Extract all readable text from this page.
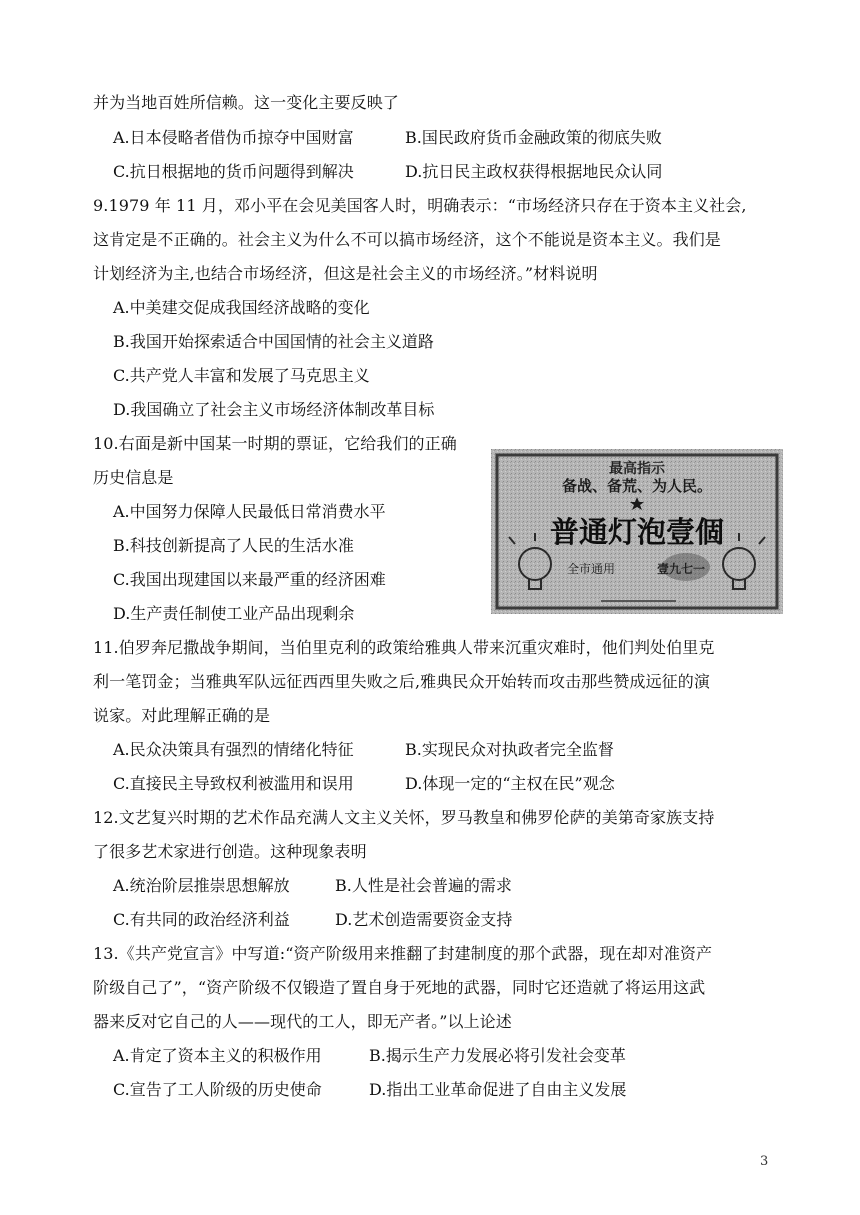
并为当地百姓所信赖。这一变化主要反映了
A.日本侵略者借伪币掠夺中国财富	B.国民政府货币金融政策的彻底失败
C.抗日根据地的货币问题得到解决	D.抗日民主政权获得根据地民众认同
9.1979 年 11 月，邓小平在会见美国客人时，明确表示：“市场经济只存在于资本主义社会,
这肯定是不正确的。社会主义为什么不可以搞市场经济，这个不能说是资本主义。我们是
计划经济为主,也结合市场经济，但这是社会主义的市场经济。”材料说明
A.中美建交促成我国经济战略的变化
B.我国开始探索适合中国国情的社会主义道路
C.共产党人丰富和发展了马克思主义
D.我国确立了社会主义市场经济体制改革目标
10.右面是新中国某一时期的票证，它给我们的正确
历史信息是
A.中国努力保障人民最低日常消费水平
B.科技创新提高了人民的生活水准
C.我国出现建国以来最严重的经济困难
D.生产责任制使工业产品出现剩余
最高指示
备战、备荒、为人民。
普通灯泡壹個
全市通用	壹九七一
11.伯罗奔尼撒战争期间，当伯里克利的政策给雅典人带来沉重灾难时，他们判处伯里克
利一笔罚金；当雅典军队远征西西里失败之后,雅典民众开始转而攻击那些赞成远征的演
说家。对此理解正确的是
A.民众决策具有强烈的情绪化特征	B.实现民众对执政者完全监督
C.直接民主导致权利被滥用和误用	D.体现一定的“主权在民”观念
12.文艺复兴时期的艺术作品充满人文主义关怀，罗马教皇和佛罗伦萨的美第奇家族支持
了很多艺术家进行创造。这种现象表明
A.统治阶层推崇思想解放	B.人性是社会普遍的需求
C.有共同的政治经济利益	D.艺术创造需要资金支持
13.《共产党宣言》中写道:“资产阶级用来推翻了封建制度的那个武器，现在却对准资产
阶级自己了”，“资产阶级不仅锻造了置自身于死地的武器，同时它还造就了将运用这武
器来反对它自己的人——现代的工人，即无产者。”以上论述
A.肯定了资本主义的积极作用	B.揭示生产力发展必将引发社会变革
C.宣告了工人阶级的历史使命	D.指出工业革命促进了自由主义发展
3
